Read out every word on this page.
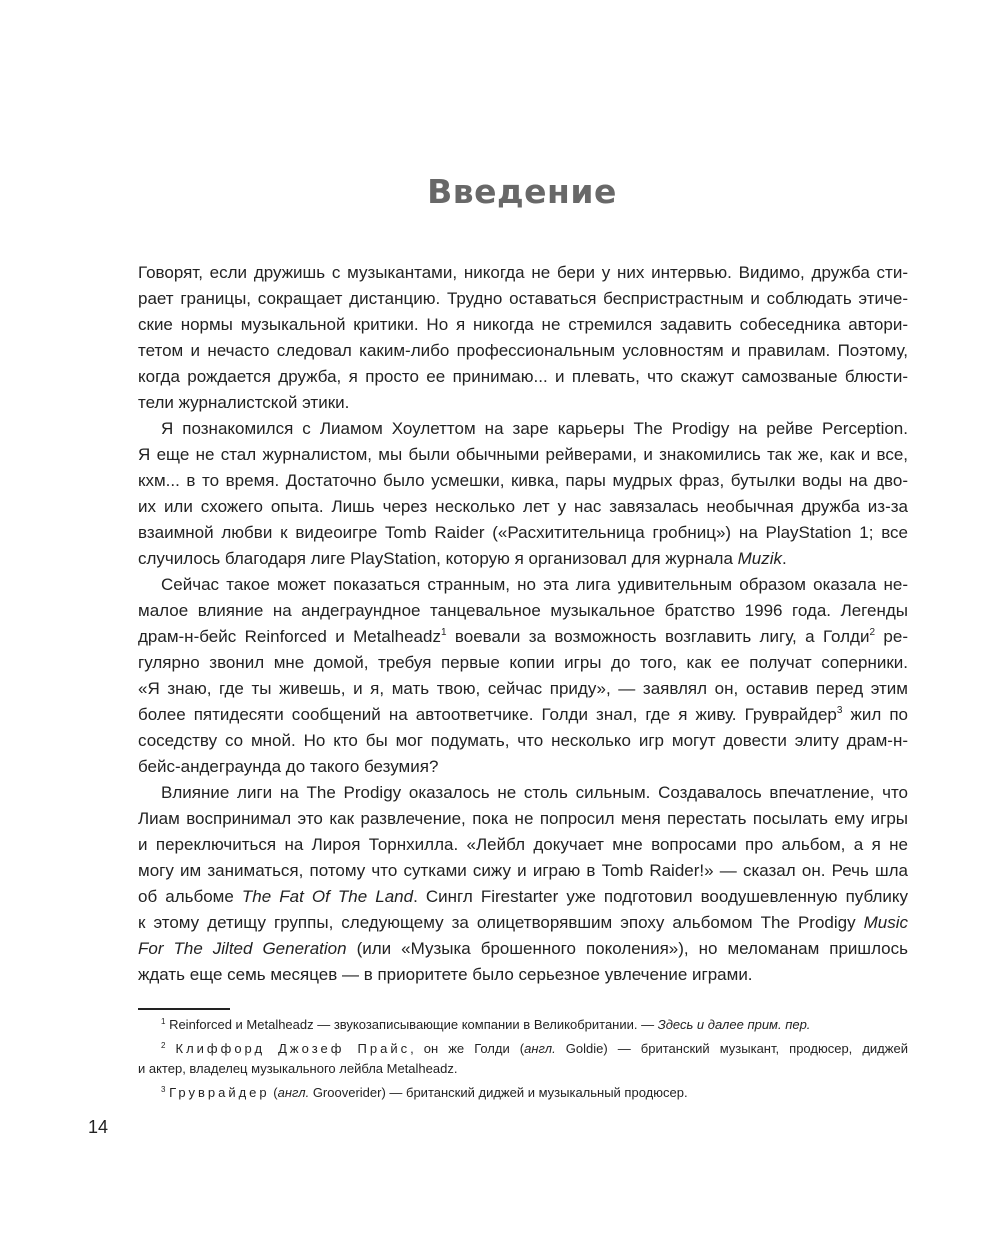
Введение
Говорят, если дружишь с музыкантами, никогда не бери у них интервью. Видимо, дружба сти-
рает границы, сокращает дистанцию. Трудно оставаться беспристрастным и соблюдать этиче-
ские нормы музыкальной критики. Но я никогда не стремился задавить собеседника автори-
тетом и нечасто следовал каким-либо профессиональным условностям и правилам. Поэтому,
когда рождается дружба, я просто ее принимаю... и плевать, что скажут самозваные блюсти-
тели журналистской этики.
Я познакомился с Лиамом Хоулеттом на заре карьеры The Prodigy на рейве Perception.
Я еще не стал журналистом, мы были обычными рейверами, и знакомились так же, как и все,
кхм... в то время. Достаточно было усмешки, кивка, пары мудрых фраз, бутылки воды на дво-
их или схожего опыта. Лишь через несколько лет у нас завязалась необычная дружба из-за
взаимной любви к видеоигре Tomb Raider («Расхитительница гробниц») на PlayStation 1; все
случилось благодаря лиге PlayStation, которую я организовал для журнала Muzik.
Сейчас такое может показаться странным, но эта лига удивительным образом оказала не-
малое влияние на андеграундное танцевальное музыкальное братство 1996 года. Легенды
драм-н-бейс Reinforced и Metalheadz$^1$ воевали за возможность возглавить лигу, а Голди$^2$ ре-
гулярно звонил мне домой, требуя первые копии игры до того, как ее получат соперники.
«Я знаю, где ты живешь, и я, мать твою, сейчас приду», — заявлял он, оставив перед этим
более пятидесяти сообщений на автоответчике. Голди знал, где я живу. Груврайдер$^3$ жил по
соседству со мной. Но кто бы мог подумать, что несколько игр могут довести элиту драм-н-
бейс-андеграунда до такого безумия?
Влияние лиги на The Prodigy оказалось не столь сильным. Создавалось впечатление, что
Лиам воспринимал это как развлечение, пока не попросил меня перестать посылать ему игры
и переключиться на Лироя Торнхилла. «Лейбл докучает мне вопросами про альбом, а я не
могу им заниматься, потому что сутками сижу и играю в Tomb Raider!» — сказал он. Речь шла
об альбоме The Fat Of The Land. Сингл Firestarter уже подготовил воодушевленную публику
к этому детищу группы, следующему за олицетворявшим эпоху альбомом The Prodigy Music
For The Jilted Generation (или «Музыка брошенного поколения»), но меломанам пришлось
ждать еще семь месяцев — в приоритете было серьезное увлечение играми.
$^1$ Reinforced и Metalheadz — звукозаписывающие компании в Великобритании. — Здесь и далее прим. пер.
$^2$ Клиффорд Джозеф Прайс, он же Голди (англ. Goldie) — британский музыкант, продюсер, диджей
и актер, владелец музыкального лейбла Metalheadz.
$^3$ Груврайдер (англ. Grooverider) — британский диджей и музыкальный продюсер.
14
